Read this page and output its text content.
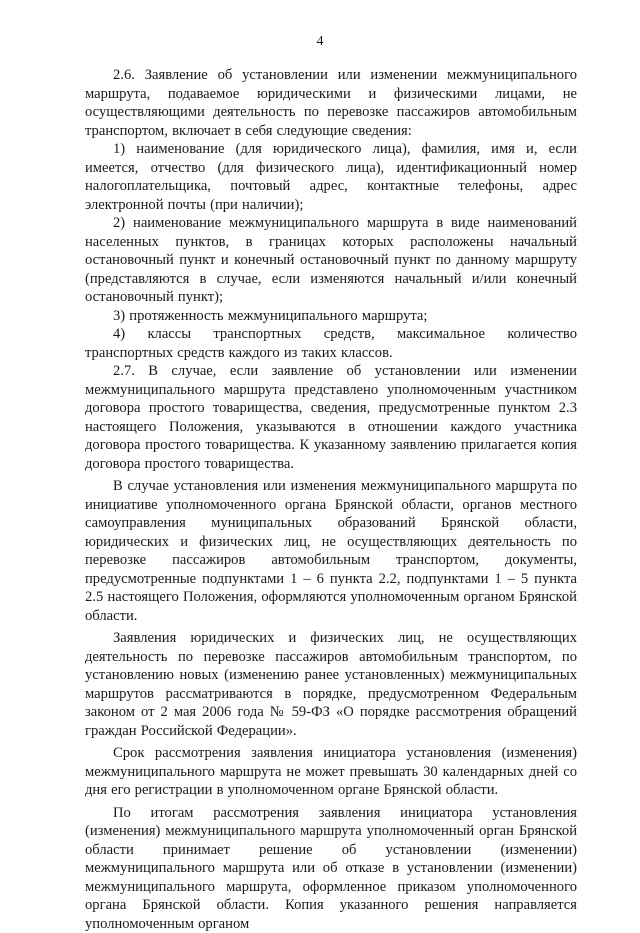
4

2.6. Заявление об установлении или изменении межмуниципального маршрута, подаваемое юридическими и физическими лицами, не осуществляющими деятельность по перевозке пассажиров автомобильным транспортом, включает в себя следующие сведения:

1) наименование (для юридического лица), фамилия, имя и, если имеется, отчество (для физического лица), идентификационный номер налогоплательщика, почтовый адрес, контактные телефоны, адрес электронной почты (при наличии);

2) наименование межмуниципального маршрута в виде наименований населенных пунктов, в границах которых расположены начальный остановочный пункт и конечный остановочный пункт по данному маршруту (представляются в случае, если изменяются начальный и/или конечный остановочный пункт);

3) протяженность межмуниципального маршрута;

4) классы транспортных средств, максимальное количество транспортных средств каждого из таких классов.

2.7. В случае, если заявление об установлении или изменении межмуниципального маршрута представлено уполномоченным участником договора простого товарищества, сведения, предусмотренные пунктом 2.3 настоящего Положения, указываются в отношении каждого участника договора простого товарищества. К указанному заявлению прилагается копия договора простого товарищества.

В случае установления или изменения межмуниципального маршрута по инициативе уполномоченного органа Брянской области, органов местного самоуправления муниципальных образований Брянской области, юридических и физических лиц, не осуществляющих деятельность по перевозке пассажиров автомобильным транспортом, документы, предусмотренные подпунктами 1 – 6 пункта 2.2, подпунктами 1 – 5 пункта 2.5 настоящего Положения, оформляются уполномоченным органом Брянской области.

Заявления юридических и физических лиц, не осуществляющих деятельность по перевозке пассажиров автомобильным транспортом, по установлению новых (изменению ранее установленных) межмуниципальных маршрутов рассматриваются в порядке, предусмотренном Федеральным законом от 2 мая 2006 года № 59-ФЗ «О порядке рассмотрения обращений граждан Российской Федерации».

Срок рассмотрения заявления инициатора установления (изменения) межмуниципального маршрута не может превышать 30 календарных дней со дня его регистрации в уполномоченном органе Брянской области.

По итогам рассмотрения заявления инициатора установления (изменения) межмуниципального маршрута уполномоченный орган Брянской области принимает решение об установлении (изменении) межмуниципального маршрута или об отказе в установлении (изменении) межмуниципального маршрута, оформленное приказом уполномоченного органа Брянской области. Копия указанного решения направляется уполномоченным органом
